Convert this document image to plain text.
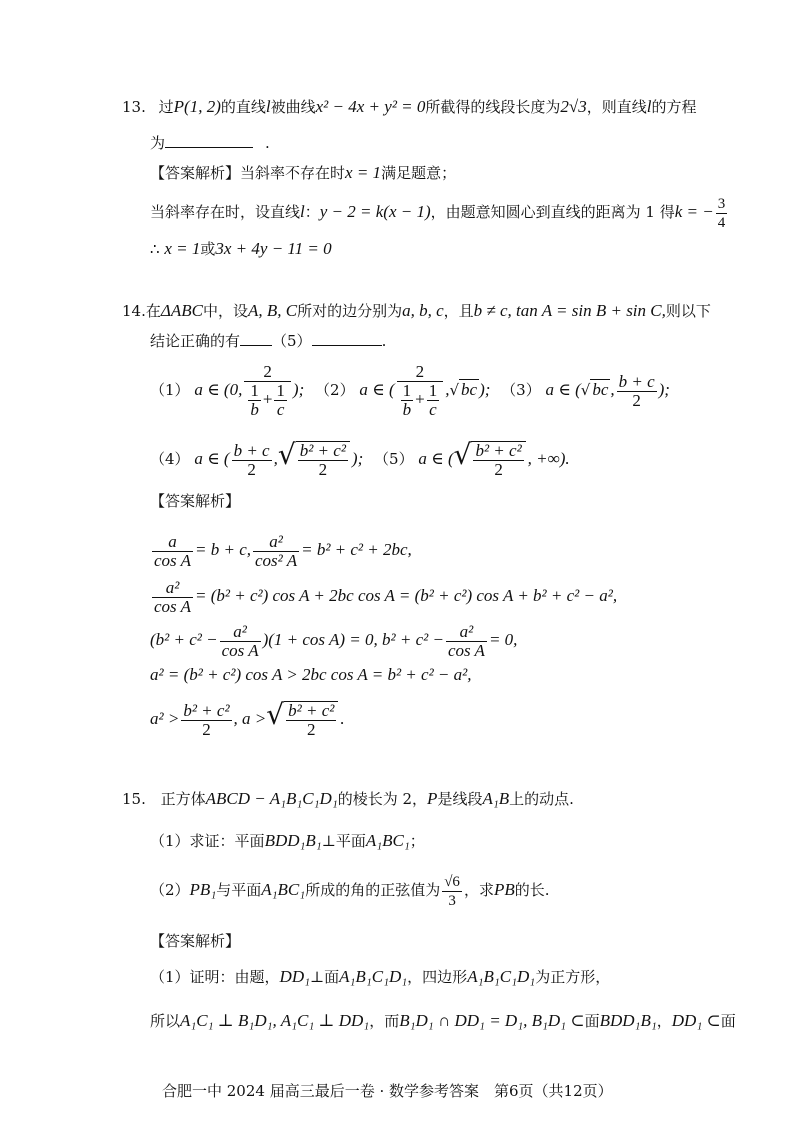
13. 过P(1, 2)的直线l被曲线x² − 4x + y² = 0所截得的线段长度为2√3，则直线l的方程
为	.
【答案解析】当斜率不存在时x = 1满足题意；
当斜率存在时，设直线l：y − 2 = k(x − 1)，由题意知圆心到直线的距离为 1 得k = − $\frac{3}{4}$
∴ x = 1或3x + 4y − 11 = 0
14.在ΔABC中，设A, B, C所对的边分别为a, b, c，且b ≠ c, tan A = sin B + sin C,则以下
结论正确的有 （5）	.
（1） a ∈ (0, $\frac{2}{\frac{1}{b} + \frac{1}{c}}$ ); （2） a ∈ ( $\frac{2}{\frac{1}{b} + \frac{1}{c}}$ ,√ bc ); （3） a ∈ (√ bc , $\frac{b + c}{2}$ );
（4） a ∈ ( $\frac{b + c}{2}$ ,√ $\frac{\text{b² + c²}}{2}$ ); （5） a ∈ (√ $\frac{\text{b² + c²}}{2}$ , +∞).
【答案解析】
$\frac{a}{\text{cos A}} = b + c$, $\frac{\text{a²}}{\text{cos² A}} = b^2 + c^2 + 2bc$,
$\frac{\text{a²}}{\text{cos A}} = (b^2 + c^2)$ cos A + 2bc cos A = (b² + c²) cos A + b² + c² − a²,
$(b^2 + c^2 - \frac{\text{a²}}{\text{cos A}} )(1 + \cos A) = 0$, $b^2 + c^2 - \frac{\text{a²}}{\text{cos A}} = 0$,
a² = (b² + c²) cos A > 2bc cos A = b² + c² − a²,
$a^2 > \frac{\text{b² + c²}}{2}$ , a >√ $\frac{\text{b² + c²}}{2}$ .
15. 正方体ABCD − A₁B₁C₁D₁的棱长为 2，P是线段A₁B上的动点.
（1）求证：平面BDD₁B₁⊥平面A₁BC₁；
（2）PB₁与平面A₁BC₁所成的角的正弦值为 $\frac{√6}{3}$ ，求PB的长.
【答案解析】
（1）证明：由题，DD₁⊥面A₁B₁C₁D₁，四边形A₁B₁C₁D₁为正方形，
所以A₁C₁ ⊥ B₁D₁, A₁C₁ ⊥ DD₁，而B₁D₁ ∩ DD₁ = D₁, B₁D₁ ⊂面BDD₁B₁，DD₁ ⊂面
合肥一中 2024 届高三最后一卷 · 数学参考答案　第6页（共12页）
